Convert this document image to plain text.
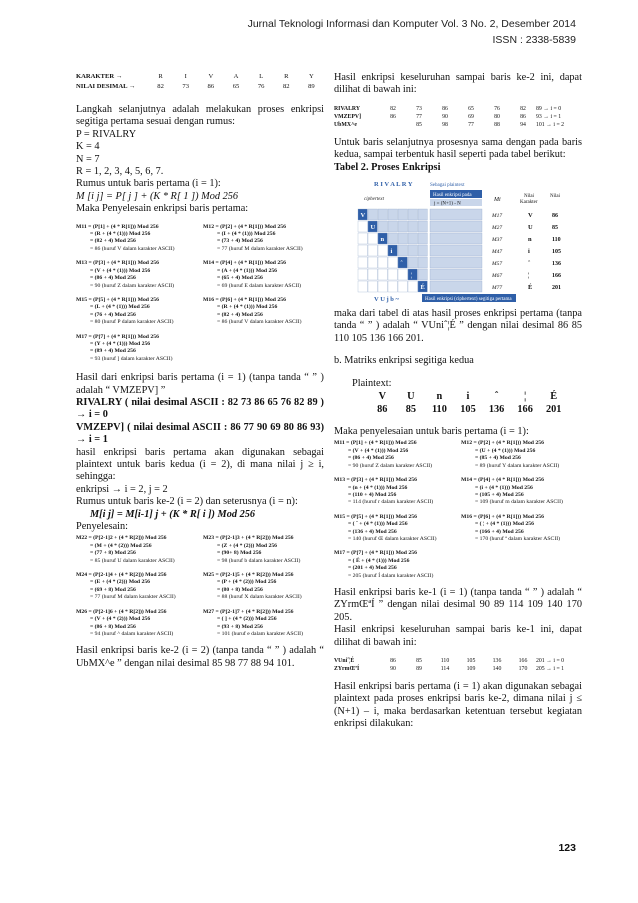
Jurnal Teknologi Informasi dan Komputer Vol. 3 No. 2, Desember 2014
ISSN : 2338-5839
KARAKTER →	R	I	V	A	L	R	Y
NILAI DESIMAL →	82	73	86	65	76	82	89

Langkah selanjutnya adalah melakukan proses enkripsi segitiga pertama sesuai dengan rumus:

P = RIVALRY

K = 4

N = 7

R = 1, 2, 3, 4, 5, 6, 7.

Rumus untuk baris pertama (i = 1):

M [i j] = P[ j ] + (K * R[ 1 ]) Mod 256

Maka Penyelesain enkripsi baris pertama:

M11 = (P[1] + (4 * R[1])) Mod 256
= (R + (4 * (1))) Mod 256
= (82 + 4) Mod 256
= 86 (huruf V dalam karakter ASCII)
M12 = (P[2] + (4 * R[1])) Mod 256
= (I + (4 * (1))) Mod 256
= (73 + 4) Mod 256
= 77 (huruf M dalam karakter ASCII)
M13 = (P[3] + (4 * R[1])) Mod 256
= (V + (4 * (1))) Mod 256
= (86 + 4) Mod 256
= 90 (huruf Z dalam karakter ASCII)
M14 = (P[4] + (4 * R[1])) Mod 256
= (A + (4 * (1))) Mod 256
= (65 + 4) Mod 256
= 69 (huruf E dalam karakter ASCII)
M15 = (P[5] + (4 * R[1])) Mod 256
= (L + (4 * (1))) Mod 256
= (76 + 4) Mod 256
= 80 (huruf P dalam karakter ASCII)
M16 = (P[6] + (4 * R[1])) Mod 256
= (R + (4 * (1))) Mod 256
= (82 + 4) Mod 256
= 86 (huruf V dalam karakter ASCII)
M17 = (P[7] + (4 * R[1])) Mod 256
= (Y + (4 * (1))) Mod 256
= (89 + 4) Mod 256
= 93 (huruf ] dalam karakter ASCII)

Hasil dari enkripsi baris pertama (i = 1) (tanpa tanda “ ” ) adalah “ VMZEPV] ”

RIVALRY ( nilai desimal ASCII : 82 73 86 65 76 82 89 ) → i = 0

VMZEPV] ( nilai desimal ASCII : 86 77 90 69 80 86 93) → i = 1

hasil enkripsi baris pertama akan digunakan sebagai plaintext untuk baris kedua (i = 2), di mana nilai j ≥ i, sehingga:

enkripsi → i = 2, j = 2

Rumus untuk baris ke-2 (i = 2) dan seterusnya (i = n):

M[i j] = M[i-1] j + (K * R[ i ]) Mod 256

Penyelesain:

M22 = (P[2-1]2 + (4 * R[2])) Mod 256
= (M + (4 * (2))) Mod 256
= (77 + 8) Mod 256
= 85 (huruf U dalam karakter ASCII)
M23 = (P[2-1]3 + (4 * R[2])) Mod 256
= (Z + (4 * (2))) Mod 256
= (90+ 8) Mod 256
= 98 (huruf b dalam karakter ASCII)
M24 = (P[2-1]4 + (4 * R[2])) Mod 256
= (E + (4 * (2))) Mod 256
= (69 + 8) Mod 256
= 77 (huruf M dalam karakter ASCII)
M25 = (P[2-1]5 + (4 * R[2])) Mod 256
= (P + (4 * (2))) Mod 256
= (80 + 8) Mod 256
= 88 (huruf X dalam karakter ASCII)
M26 = (P[2-1]6 + (4 * R[2])) Mod 256
= (V + (4 * (2))) Mod 256
= (86 + 8) Mod 256
= 94 (huruf ^ dalam karakter ASCII)
M27 = (P[2-1]7 + (4 * R[2])) Mod 256
= ( ] + (4 * (2))) Mod 256
= (93 + 8) Mod 256
= 101 (huruf e dalam karakter ASCII)

Hasil enkripsi baris ke-2 (i = 2) (tanpa tanda “ ” ) adalah “ UbMX^e ” dengan nilai desimal 85 98 77 88 94 101.

Hasil enkripsi keseluruhan sampai baris ke-2 ini, dapat dilihat di bawah ini:

RIVALRY	82	73	86	65	76	82	89 → i = 0
VMZEPV]	86	77	90	69	80	86	93 → i = 1
UbMX^e	85	98	77	88	94	101 → i = 2

Untuk baris selanjutnya prosesnya sama dengan pada baris kedua, sampai terbentuk hasil seperti pada tabel berikut:

Tabel 2. Proses Enkripsi

R I V A L R Y	Sebagai plaintext
ciphertext
Hasil enkripsi pada
j = (N+1) - N
Mi
Nilai
Karakter
Nilai
V	M17	V	86
U	M27	U	85
n	M37	n	110
i	M47	i	105
ˆ	M57	ˆ	136
¦	M67	¦	166
É	M77	É	201
V U j b ~	Hasil enkripsi (ciphertext) segitiga pertama

maka dari tabel di atas hasil proses enkripsi pertama (tanpa tanda “ ” ) adalah “ VUniˆ¦É ” dengan nilai desimal 86 85 110 105 136 166 201.

b. Matriks enkripsi segitiga kedua

Plaintext:

V	U	n	i	ˆ	¦	É
86	85	110	105	136	166	201

Maka penyelesaian untuk baris pertama (i = 1):

M11 = (P[1] + (4 * R[1])) Mod 256
= (V + (4 * (1))) Mod 256
= (86 + 4) Mod 256
= 90 (huruf Z dalam karakter ASCII)
M12 = (P[2] + (4 * R[1])) Mod 256
= (U + (4 * (1))) Mod 256
= (85 + 4) Mod 256
= 89 (huruf Y dalam karakter ASCII)
M13 = (P[3] + (4 * R[1])) Mod 256
= (n + (4 * (1))) Mod 256
= (110 + 4) Mod 256
= 114 (huruf r dalam karakter ASCII)
M14 = (P[4] + (4 * R[1])) Mod 256
= (i + (4 * (1))) Mod 256
= (105 + 4) Mod 256
= 109 (huruf m dalam karakter ASCII)
M15 = (P[5] + (4 * R[1])) Mod 256
= ( ˆ + (4 * (1))) Mod 256
= (136 + 4) Mod 256
= 140 (huruf Œ dalam karakter ASCII)
M16 = (P[6] + (4 * R[1])) Mod 256
= ( ¦ + (4 * (1))) Mod 256
= (166 + 4) Mod 256
= 170 (huruf ª dalam karakter ASCII)
M17 = (P[7] + (4 * R[1])) Mod 256
= ( É + (4 * (1))) Mod 256
= (201 + 4) Mod 256
= 205 (huruf Í dalam karakter ASCII)

Hasil enkripsi baris ke-1 (i = 1) (tanpa tanda “ ” ) adalah “ ZYrmŒªÍ ” dengan nilai desimal 90 89 114 109 140 170 205.

Hasil enkripsi keseluruhan sampai baris ke-1 ini, dapat dilihat di bawah ini:

VUniˆ¦É	86	85	110	105	136	166	201 → i = 0
ZYrmŒªÍ	90	89	114	109	140	170	205 → i = 1

Hasil enkripsi baris pertama (i = 1) akan digunakan sebagai plaintext pada proses enkripsi baris ke-2, dimana nilai j ≤ (N+1) – i, maka berdasarkan ketentuan tersebut kegiatan enkripsi dilakukan:

123
